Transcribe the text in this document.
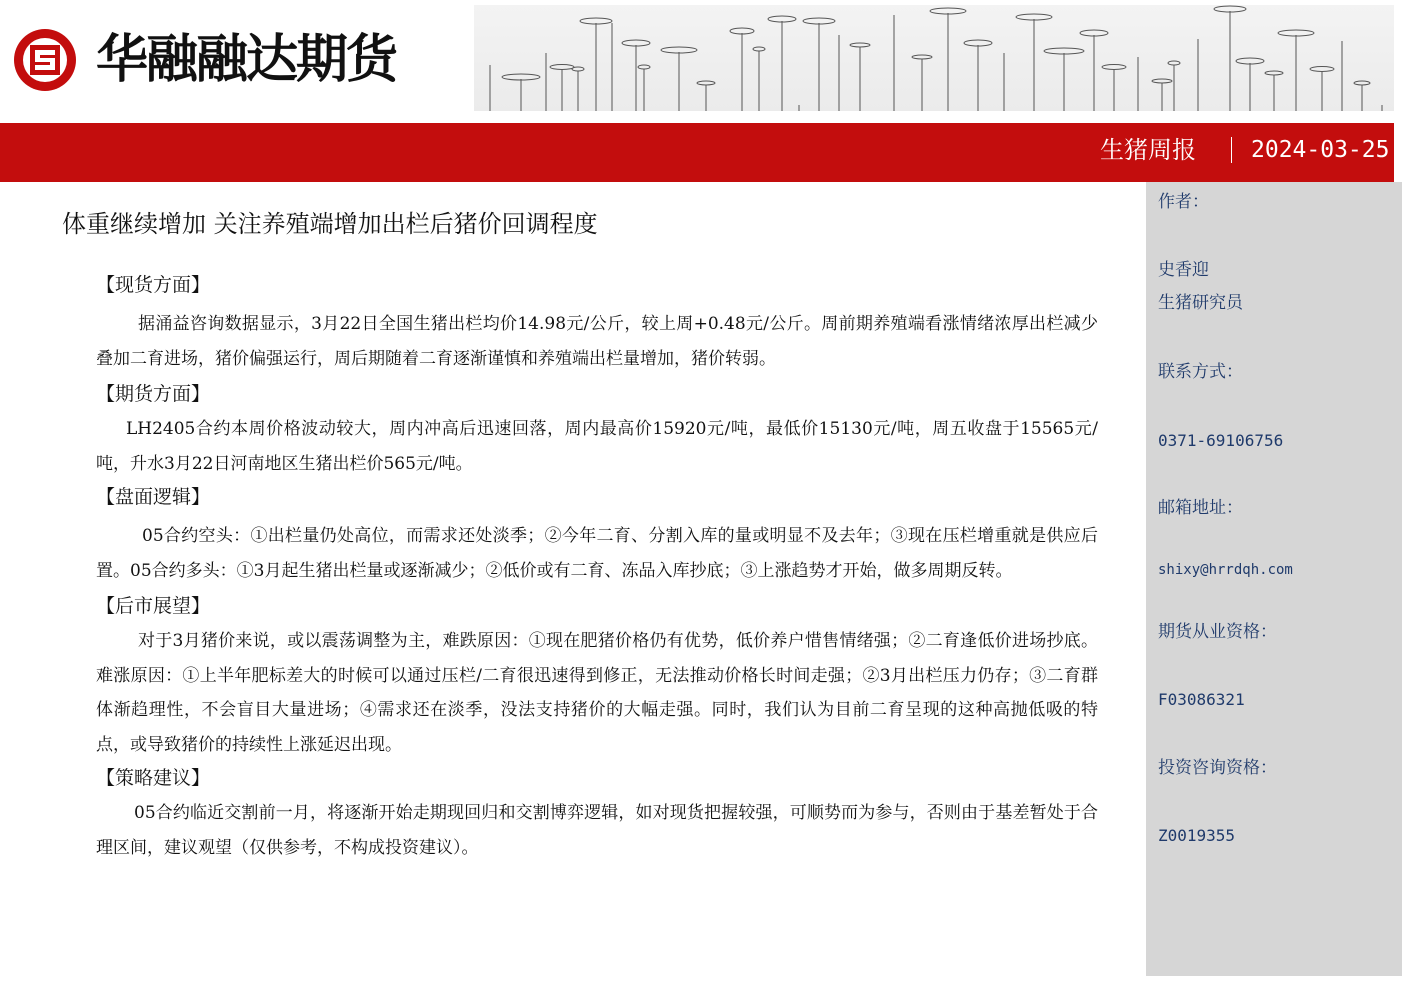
华融融达期货
生猪周报 2024-03-25
体重继续增加 关注养殖端增加出栏后猪价回调程度
【现货方面】
据涌益咨询数据显示，3月22日全国生猪出栏均价14.98元/公斤，较上周+0.48元/公斤。周前期养殖端看涨情绪浓厚出栏减少叠加二育进场，猪价偏强运行，周后期随着二育逐渐谨慎和养殖端出栏量增加，猪价转弱。
【期货方面】
LH2405合约本周价格波动较大，周内冲高后迅速回落，周内最高价15920元/吨，最低价15130元/吨，周五收盘于15565元/吨，升水3月22日河南地区生猪出栏价565元/吨。
【盘面逻辑】
05合约空头：①出栏量仍处高位，而需求还处淡季；②今年二育、分割入库的量或明显不及去年；③现在压栏增重就是供应后置。05合约多头：①3月起生猪出栏量或逐渐减少；②低价或有二育、冻品入库抄底；③上涨趋势才开始，做多周期反转。
【后市展望】
对于3月猪价来说，或以震荡调整为主，难跌原因：①现在肥猪价格仍有优势，低价养户惜售情绪强；②二育逢低价进场抄底。难涨原因：①上半年肥标差大的时候可以通过压栏/二育很迅速得到修正，无法推动价格长时间走强；②3月出栏压力仍存；③二育群体渐趋理性，不会盲目大量进场；④需求还在淡季，没法支持猪价的大幅走强。同时，我们认为目前二育呈现的这种高抛低吸的特点，或导致猪价的持续性上涨延迟出现。
【策略建议】
05合约临近交割前一月，将逐渐开始走期现回归和交割博弈逻辑，如对现货把握较强，可顺势而为参与，否则由于基差暂处于合理区间，建议观望（仅供参考，不构成投资建议）。
作者：
史香迎
生猪研究员
联系方式：
0371-69106756
邮箱地址：
shixy@hrrdqh.com
期货从业资格：
F03086321
投资咨询资格：
Z0019355
